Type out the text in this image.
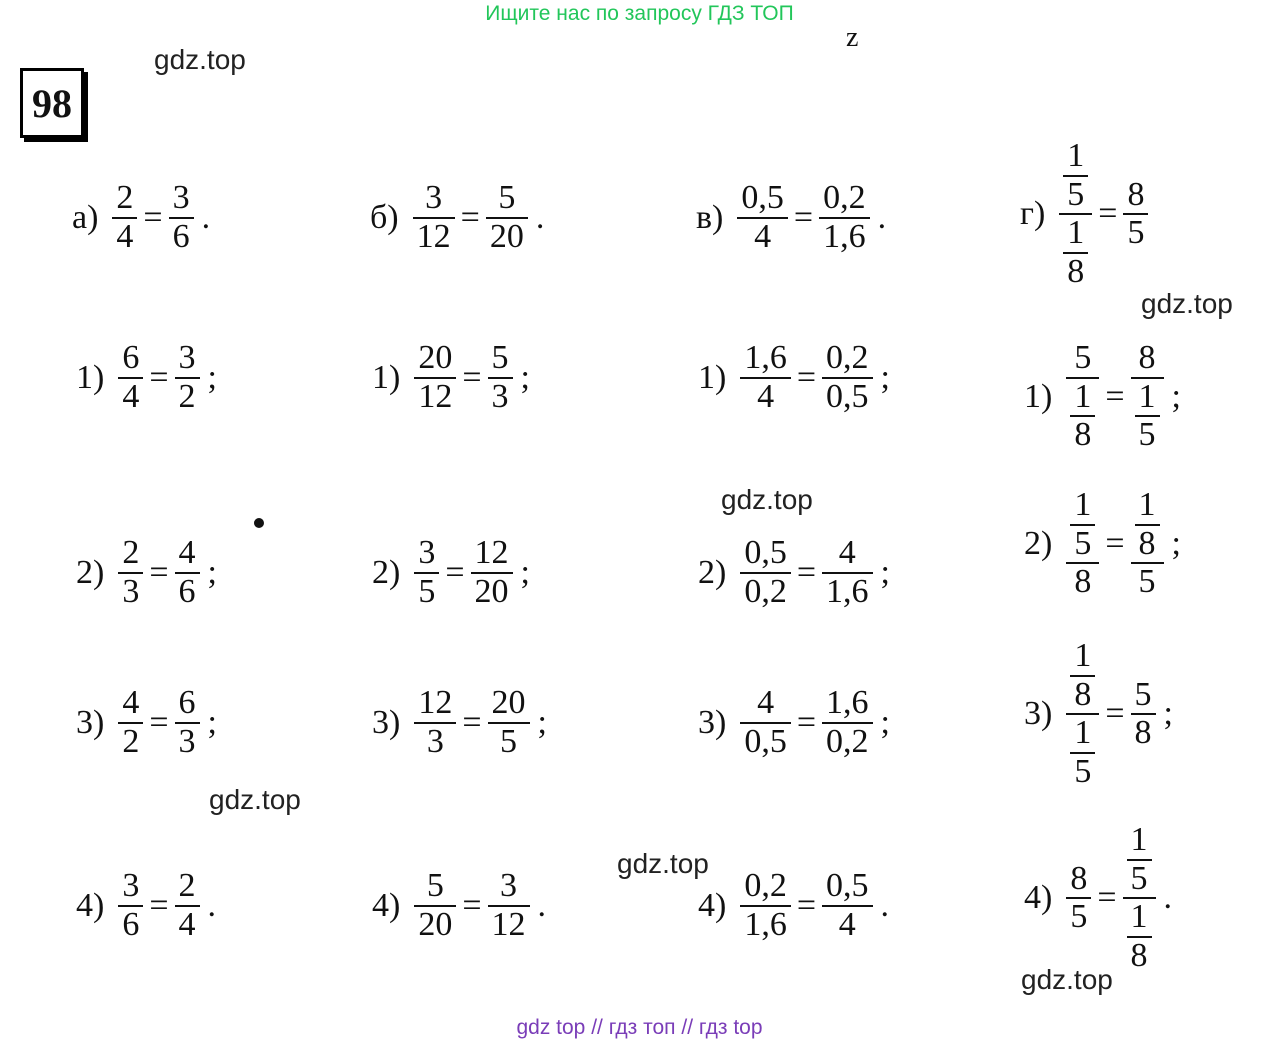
Ищите нас по запросу ГДЗ ТОП
z
98
gdz.top
gdz.top
gdz.top
gdz.top
gdz.top
gdz.top
$а) \frac{2}{4} = \frac{3}{6}$ .
$1) \frac{6}{4} = \frac{3}{2}$ ;
$2) \frac{2}{3} = \frac{4}{6}$ ;
$3) \frac{4}{2} = \frac{6}{3}$ ;
$4) \frac{3}{6} = \frac{2}{4}$ .
$б) \frac{3}{12} = \frac{5}{20}$ .
$1) \frac{20}{12} = \frac{5}{3}$ ;
$2) \frac{3}{5} = \frac{12}{20}$ ;
$3) \frac{12}{3} = \frac{20}{5}$ ;
$4) \frac{5}{20} = \frac{3}{12}$ .
$в) \frac{0,5}{4} = \frac{0,2}{1,6}$ .
$1) \frac{1,6}{4} = \frac{0,2}{0,5}$ ;
$2) \frac{0,5}{0,2} = \frac{4}{1,6}$ ;
$3) \frac{4}{0,5} = \frac{1,6}{0,2}$ ;
$4) \frac{0,2}{1,6} = \frac{0,5}{4}$ .
$г) \frac{\frac{1}{5}}{\frac{1}{8}} = \frac{8}{5}$
$1) \frac{5}{\frac{1}{8}} = \frac{8}{\frac{1}{5}}$ ;
$2) \frac{\frac{1}{5}}{8} = \frac{\frac{1}{8}}{5}$ ;
$3) \frac{\frac{1}{8}}{\frac{1}{5}} = \frac{5}{8}$ ;
$4) \frac{8}{5} = \frac{\frac{1}{5}}{\frac{1}{8}}$ .
gdz top // гдз топ // гдз top
